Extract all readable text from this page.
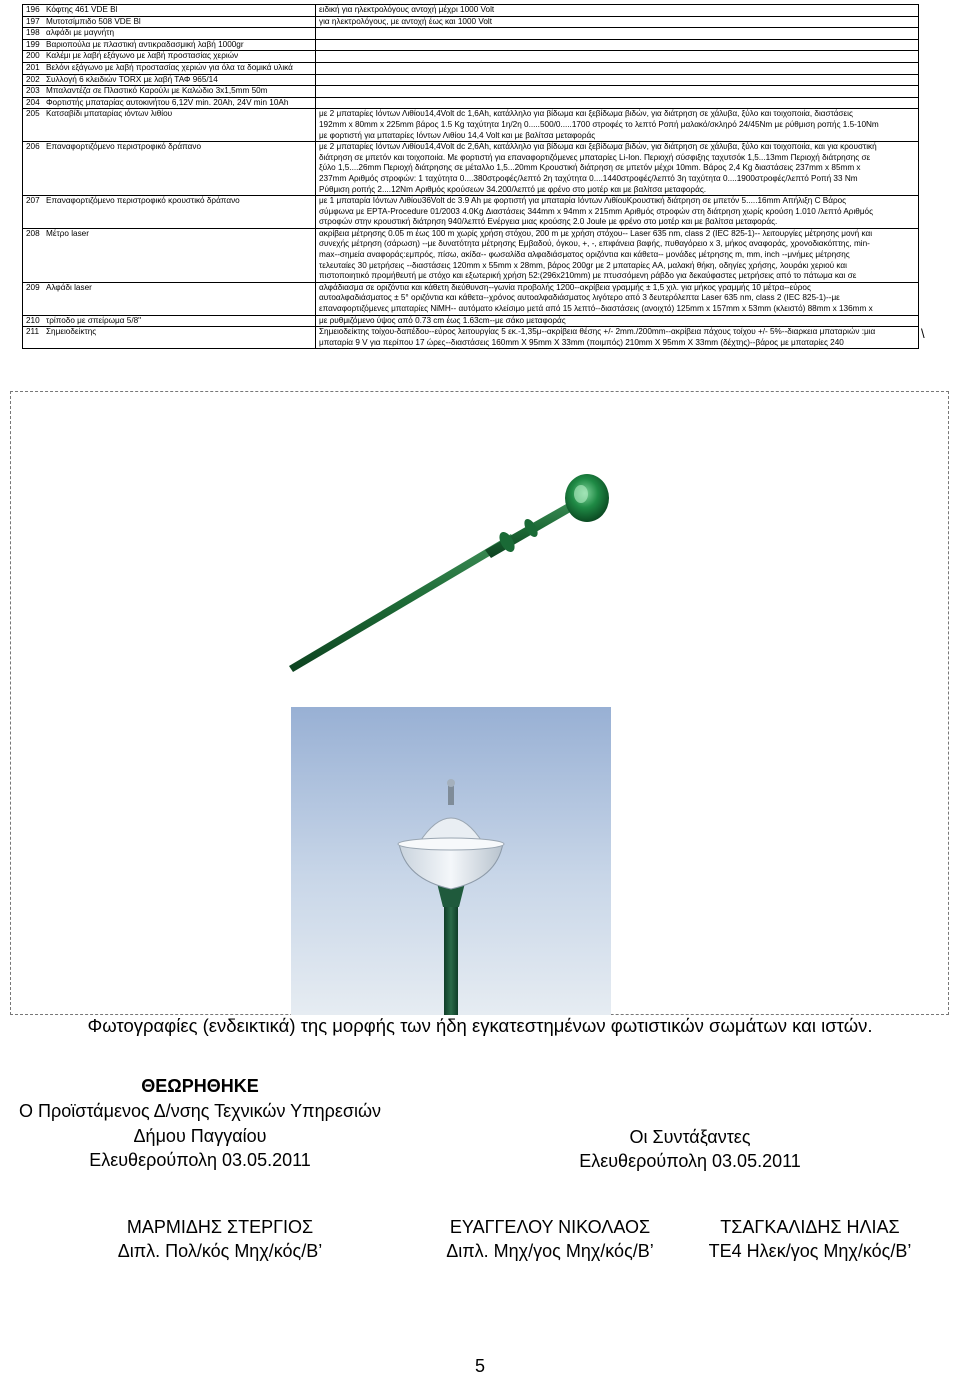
196 Κόφτης 461 VDE Bl	ειδική για ηλεκτρολόγους αντοχή μέχρι 1000 Volt

197 Μυτοτσίμπιδο 508 VDE Bl	για ηλεκτρολόγους, με αντοχή έως και 1000 Volt

198 αλφάδι με μαγνήτη	
199 Βαριοπούλα με πλαστική αντικραδασμική λαβή 1000gr	
200 Καλέμι με λαβή εξάγωνο με λαβή προστασίας χεριών	
201 Βελόνι εξάγωνο με λαβή προστασίας χεριών για όλα τα δομικά υλικά	
202 Συλλογή 6 κλειδιών TORX με λαβή ΤΑΦ 965/14	
203 Μπαλαντέζα σε Πλαστικό Καρούλι με Καλώδιο 3x1,5mm 50m	
204 Φορτιστής μπαταρίας αυτοκινήτου 6,12V min. 20Ah, 24V min 10Ah	
205 Κατσαβίδι μπαταρίας ιόντων λιθίου	με 2 μπαταρίες Ιόντων Λιθίου14,4Volt dc 1,6Ah, κατάλληλο για βίδωμα και ξεβίδωμα βιδών, για διάτρηση σε χάλυβα, ξύλο και τοιχοποιία, διαστάσεις
192mm x 80mm x 225mm βάρος 1.5 Kg ταχύτητα 1η/2η 0.....500/0.....1700 στροφές το λεπτό Ροπή μαλακό/σκληρό 24/45Nm με ρύθμιση ροπής 1.5-10Nm
με φορτιστή για μπαταρίες Ιόντων Λιθίου 14,4 Volt και με βαλίτσα μεταφοράς

206 Επαναφορτιζόμενο περιστροφικό δράπανο	με 2 μπαταρίες Ιόντων Λιθίου14,4Volt dc 2,6Ah, κατάλληλο για βίδωμα και ξεβίδωμα βιδών, για διάτρηση σε χάλυβα, ξύλο και τοιχοποιία, και για κρουστική
διάτρηση σε μπετόν και τοιχοποιία. Με φορτιστή για επαναφορτιζόμενες μπαταρίες Li-Ion. Περιοχή σύσφιξης ταχυτσόκ 1,5...13mm Περιοχή διάτρησης σε
ξύλο 1,5....26mm Περιοχή διάτρησης σε μέταλλο 1,5...20mm Κρουστική διάτρηση σε μπετόν μέχρι 10mm. Βάρος 2,4 Kg διαστάσεις 237mm x 85mm x
237mm Αριθμός στροφών: 1 ταχύτητα 0....380στροφές/λεπτό 2η ταχύτητα 0....1440στροφές/λεπτό 3η ταχύτητα 0....1900στροφές/λεπτό Ροπή 33 Nm
Ρύθμιση ροπής 2....12Nm Αριθμός κρούσεων 34.200/λεπτό με φρένο στο μοτέρ και με βαλίτσα μεταφοράς.

207 Επαναφορτιζόμενο περιστροφικό κρουστικό δράπανο	με 1 μπαταρία Ιόντων Λιθίου36Volt dc 3.9 Ah με φορτιστή για μπαταρία Ιόντων ΛιθίουΚρουστική διάτρηση σε μπετόν 5.....16mm Απήλιξη C Βάρος
σύμφωνα με EPTA-Procedure 01/2003 4.0Kg Διαστάσεις 344mm x 94mm x 215mm Αριθμός στροφών στη διάτρηση χωρίς κρούση 1.010 /λεπτό Αριθμός
στροφών στην κρουστική διάτρηση 940/λεπτό Ενέργεια μιας κρούσης 2.0 Joule με φρένο στο μοτέρ και με βαλίτσα μεταφοράς.

208 Μέτρο laser	ακρίβεια μέτρησης 0.05 m έως 100 m χωρίς χρήση στόχου, 200 m με χρήση στόχου-- Laser 635 nm, class 2 (IEC 825-1)-- λειτουργίες μέτρησης μονή και
συνεχής μέτρηση (σάρωση) --με δυνατότητα μέτρησης Εμβαδού, όγκου, +, -, επιφάνεια βαφής, πυθαγόρειο x 3, μήκος αναφοράς, χρονοδιακόπτης, min-
max--σημεία αναφοράς:εμπρός, πίσω, ακίδα-- φωσαλίδα αλφαδιάσματος οριζόντια και κάθετα-- μονάδες μέτρησης m, mm, inch --μνήμες μέτρησης
τελευταίες 30 μετρήσεις --διαστάσεις 120mm x 55mm x 28mm, βάρος 200gr με 2 μπαταρίες AA, μαλακή θήκη, οδηγίες χρήσης, λουράκι χεριού και
πιστοποιητικό προμήθευτή με στόχο και εξωτερική χρήση 52:(296x210mm) με πτυσσόμενη ράβδο για δεκαύφαστες μετρήσεις από το πάτωμα και σε

209 Αλφάδι laser	αλφάδιασμα σε οριζόντια και κάθετη διεύθυνση--γωνία προβολής 1200--ακρίβεια γραμμής ± 1,5 χιλ. για μήκος γραμμής 10 μέτρα--εύρος
αυτοαλφαδιάσματος ± 5° οριζόντια και κάθετα--χρόνος αυτοαλφαδιάσματος λιγότερο από 3 δευτερόλεπτα Laser 635 nm, class 2 (IEC 825-1)--με
επαναφορτιζόμενες μπαταρίες NiMH-- αυτόματο κλείσιμο μετά από 15 λεπτό--διαστάσεις (ανοιχτό) 125mm x 157mm x 53mm (κλειστό) 88mm x 136mm x

210 τρίποδο με σπείρωμα 5/8"	με ρυθμιζόμενο ύψος από 0.73 cm έως 1.63cm--με σάκο μεταφοράς

211 Σημειοδείκτης	Σημειοδείκτης τοίχου-δαπέδου--εύρος λειτουργίας 5 εκ.-1,35μ--ακρίβεια θέσης +/- 2mm./200mm--ακρίβεια πάχους τοίχου +/- 5%--διαρκεια μπαταριών :μια
μπαταρία 9 V για περίπου 17 ώρες--διαστάσεις 160mm X 95mm X 33mm (ποιμπός) 210mm X 95mm X 33mm (δέχτης)--βάρος με μπαταρίες 240
\
Φωτογραφίες (ενδεικτικά) της μορφής των ήδη εγκατεστημένων φωτιστικών σωμάτων και ιστών.
ΘΕΩΡΗΘΗΚΕ
Ο Προϊστάμενος Δ/νσης Τεχνικών Υπηρεσιών
Δήμου Παγγαίου
Ελευθερούπολη 03.05.2011
Οι Συντάξαντες
Ελευθερούπολη 03.05.2011
ΜΑΡΜΙΔΗΣ ΣΤΕΡΓΙΟΣ
Διπλ. Πολ/κός Μηχ/κός/Β’
ΕΥΑΓΓΕΛΟΥ ΝΙΚΟΛΑΟΣ
Διπλ. Μηχ/γος Μηχ/κός/Β’
ΤΣΑΓΚΑΛΙΔΗΣ ΗΛΙΑΣ
ΤΕ4 Ηλεκ/γος Μηχ/κός/Β’
5
